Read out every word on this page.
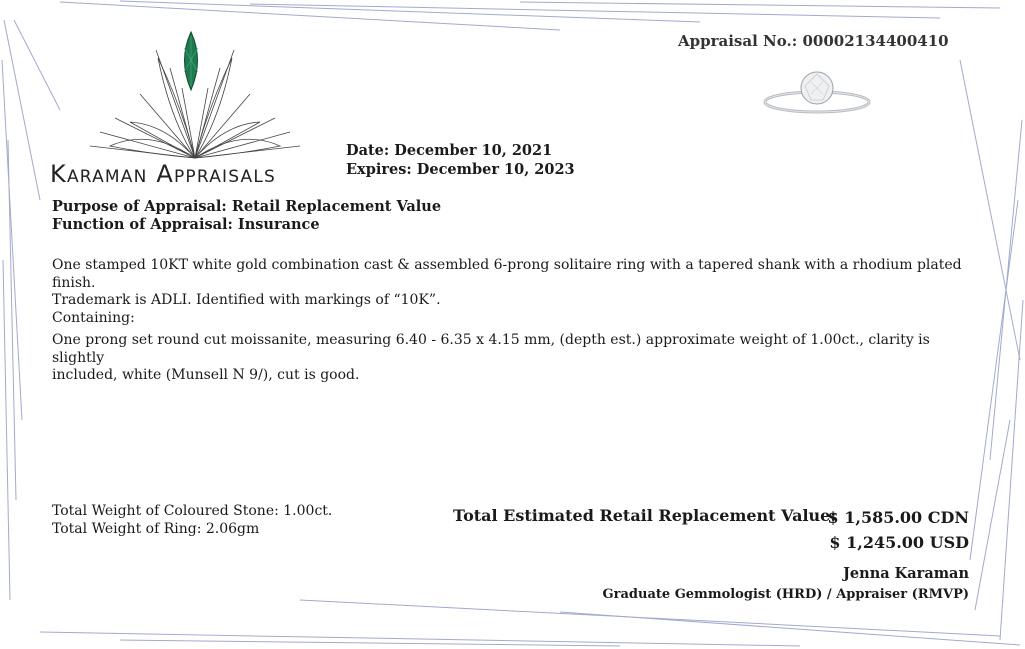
Karaman Appraisals
Appraisal No.: 00002134400410
Date: December 10, 2021
Expires: December 10, 2023
Purpose of Appraisal: Retail Replacement Value
Function of Appraisal: Insurance

One stamped 10KT white gold combination cast & assembled 6-prong solitaire ring with a tapered shank with a rhodium plated finish.

Trademark is ADLI. Identified with markings of “10K”.

Containing:

One prong set round cut moissanite, measuring 6.40 - 6.35 x 4.15 mm, (depth est.) approximate weight of 1.00ct., clarity is slightly

included, white (Munsell N 9/), cut is good.

Total Weight of Coloured Stone: 1.00ct.
Total Weight of Ring: 2.06gm
Total Estimated Retail Replacement Value:
$ 1,585.00 CDN
$ 1,245.00 USD
Jenna Karaman
Graduate Gemmologist (HRD) / Appraiser (RMVP)
